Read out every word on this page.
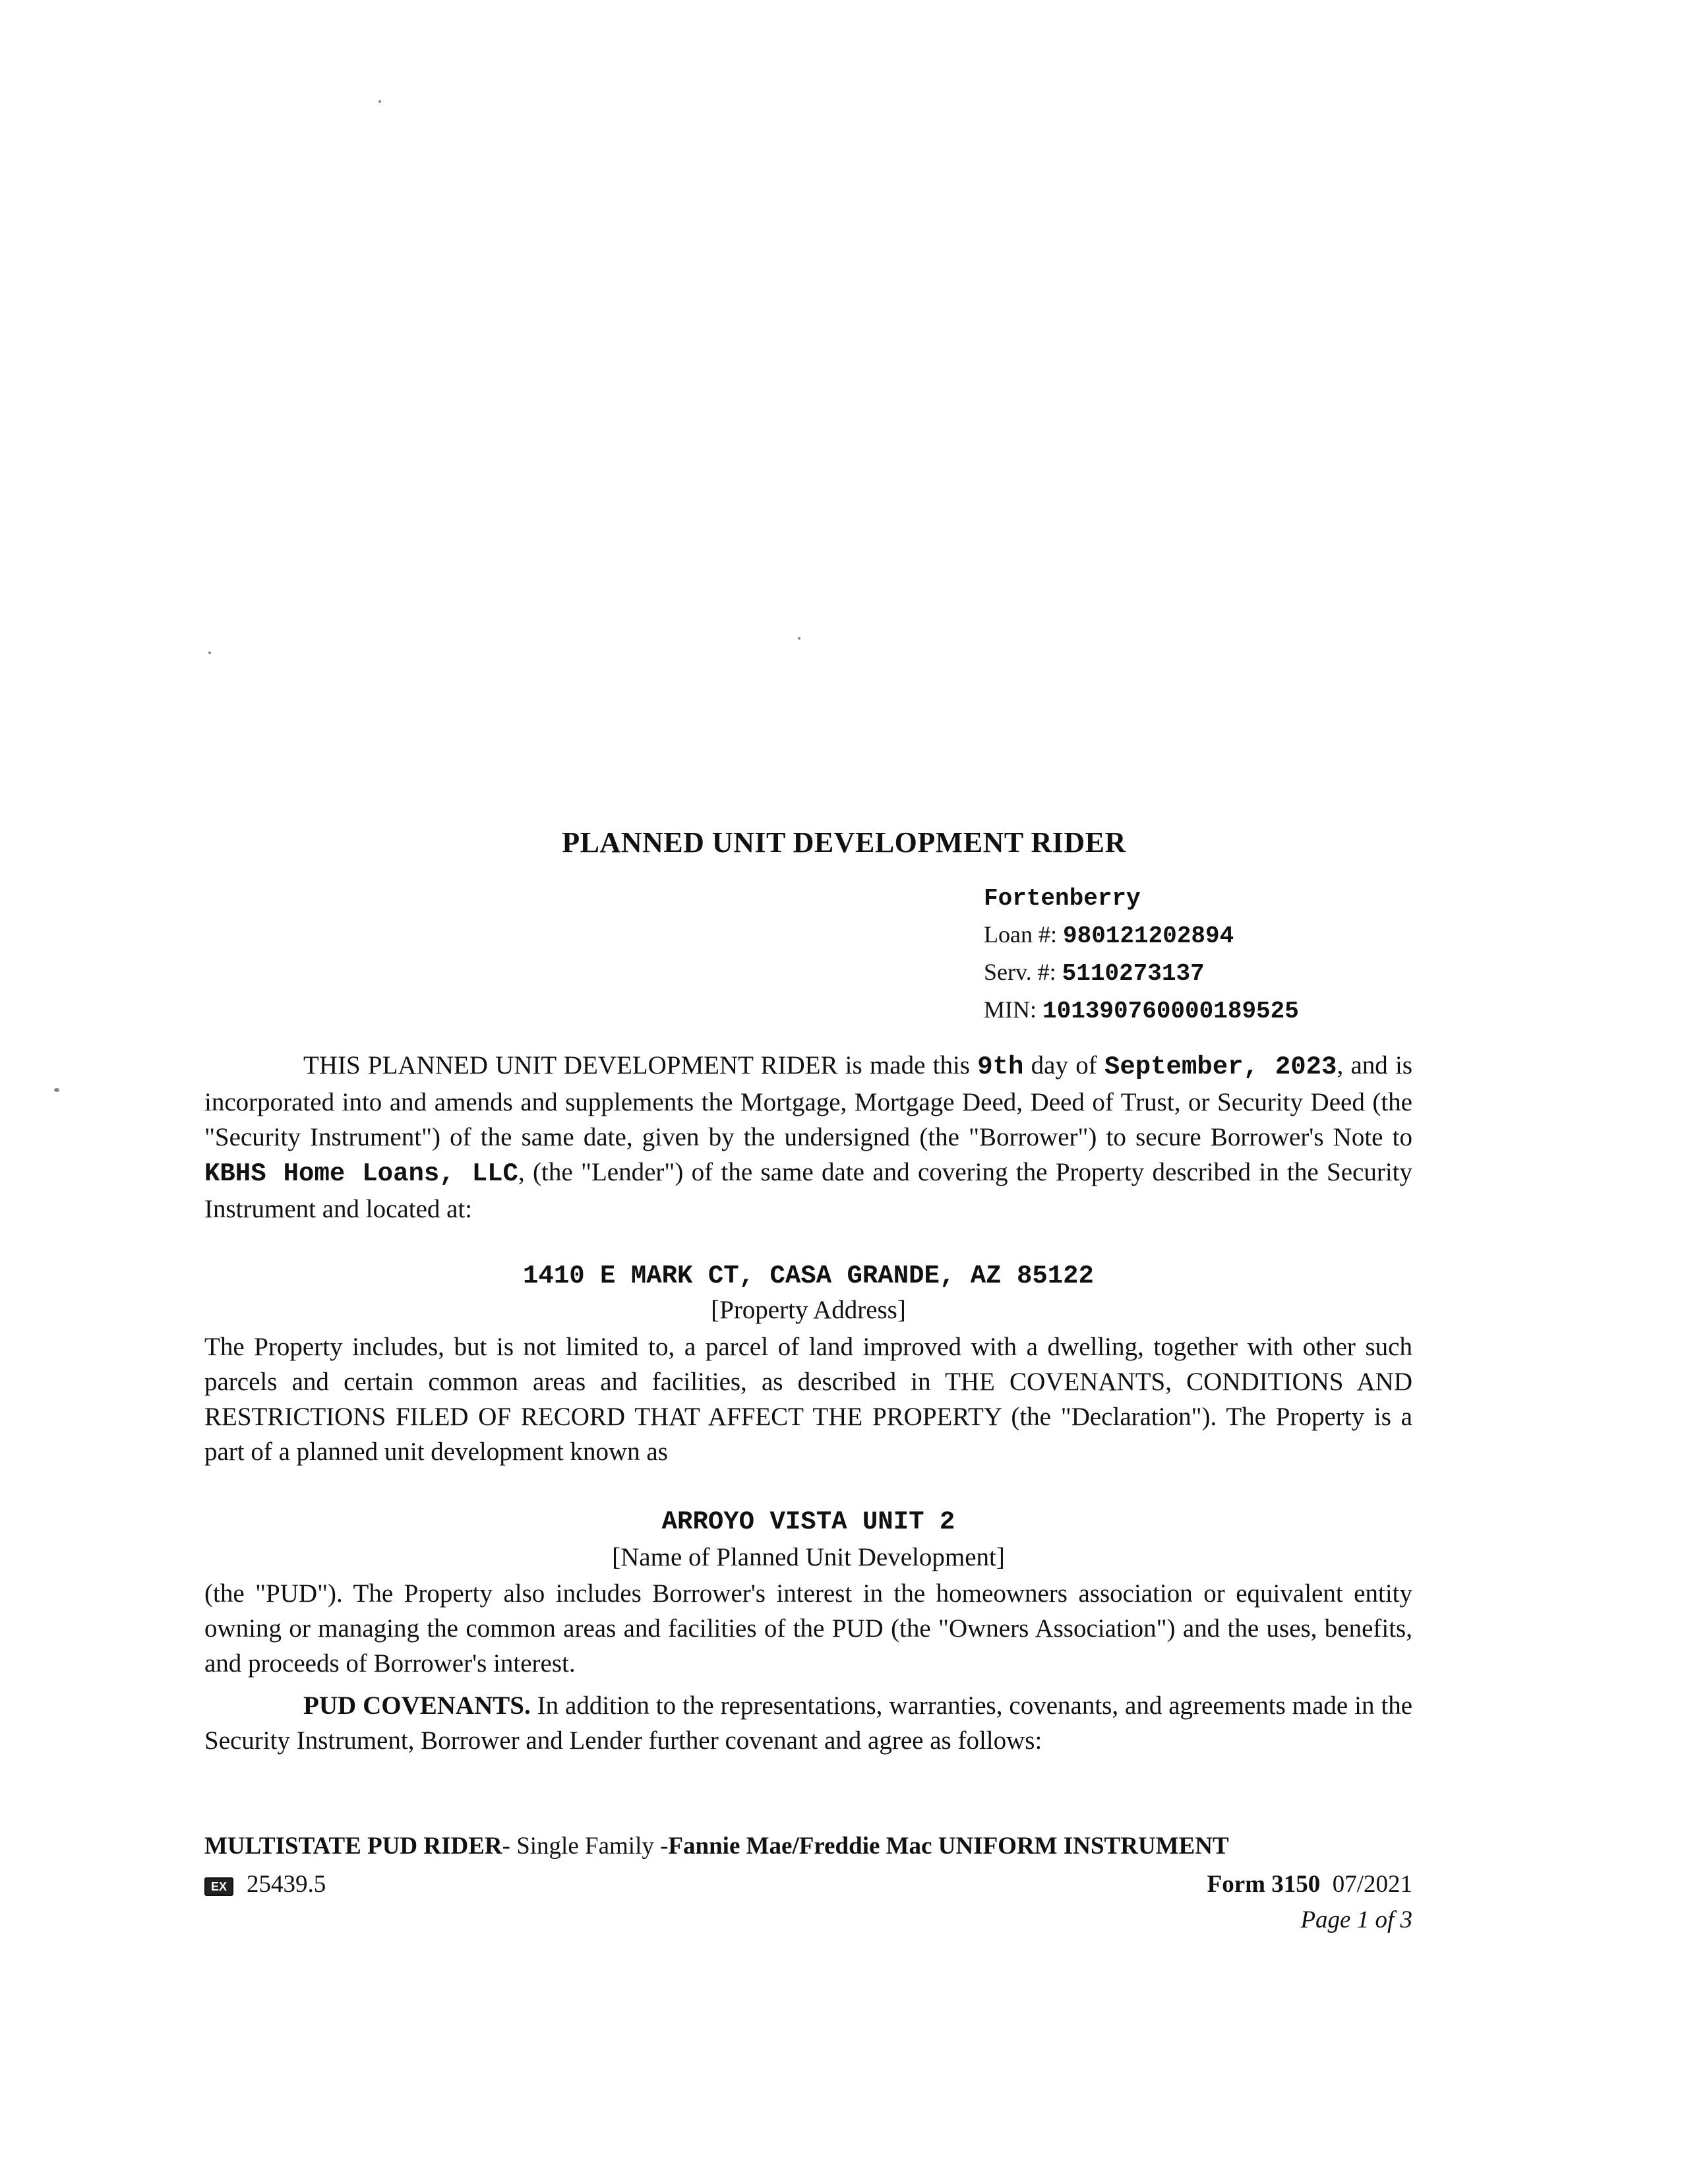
PLANNED UNIT DEVELOPMENT RIDER
Fortenberry
Loan #: 980121202894
Serv. #: 5110273137
MIN: 101390760000189525
THIS PLANNED UNIT DEVELOPMENT RIDER is made this 9th day of September, 2023, and is incorporated into and amends and supplements the Mortgage, Mortgage Deed, Deed of Trust, or Security Deed (the "Security Instrument") of the same date, given by the undersigned (the "Borrower") to secure Borrower's Note to KBHS Home Loans, LLC, (the "Lender") of the same date and covering the Property described in the Security Instrument and located at:
1410 E MARK CT, CASA GRANDE, AZ 85122
[Property Address]
The Property includes, but is not limited to, a parcel of land improved with a dwelling, together with other such parcels and certain common areas and facilities, as described in THE COVENANTS, CONDITIONS AND RESTRICTIONS FILED OF RECORD THAT AFFECT THE PROPERTY (the "Declaration"). The Property is a part of a planned unit development known as
ARROYO VISTA UNIT 2
[Name of Planned Unit Development]
(the "PUD"). The Property also includes Borrower's interest in the homeowners association or equivalent entity owning or managing the common areas and facilities of the PUD (the "Owners Association") and the uses, benefits, and proceeds of Borrower's interest.
PUD COVENANTS. In addition to the representations, warranties, covenants, and agreements made in the Security Instrument, Borrower and Lender further covenant and agree as follows:
MULTISTATE PUD RIDER- Single Family -Fannie Mae/Freddie Mac UNIFORM INSTRUMENT
EX 25439.5	Form 3150 07/2021
Page 1 of 3
